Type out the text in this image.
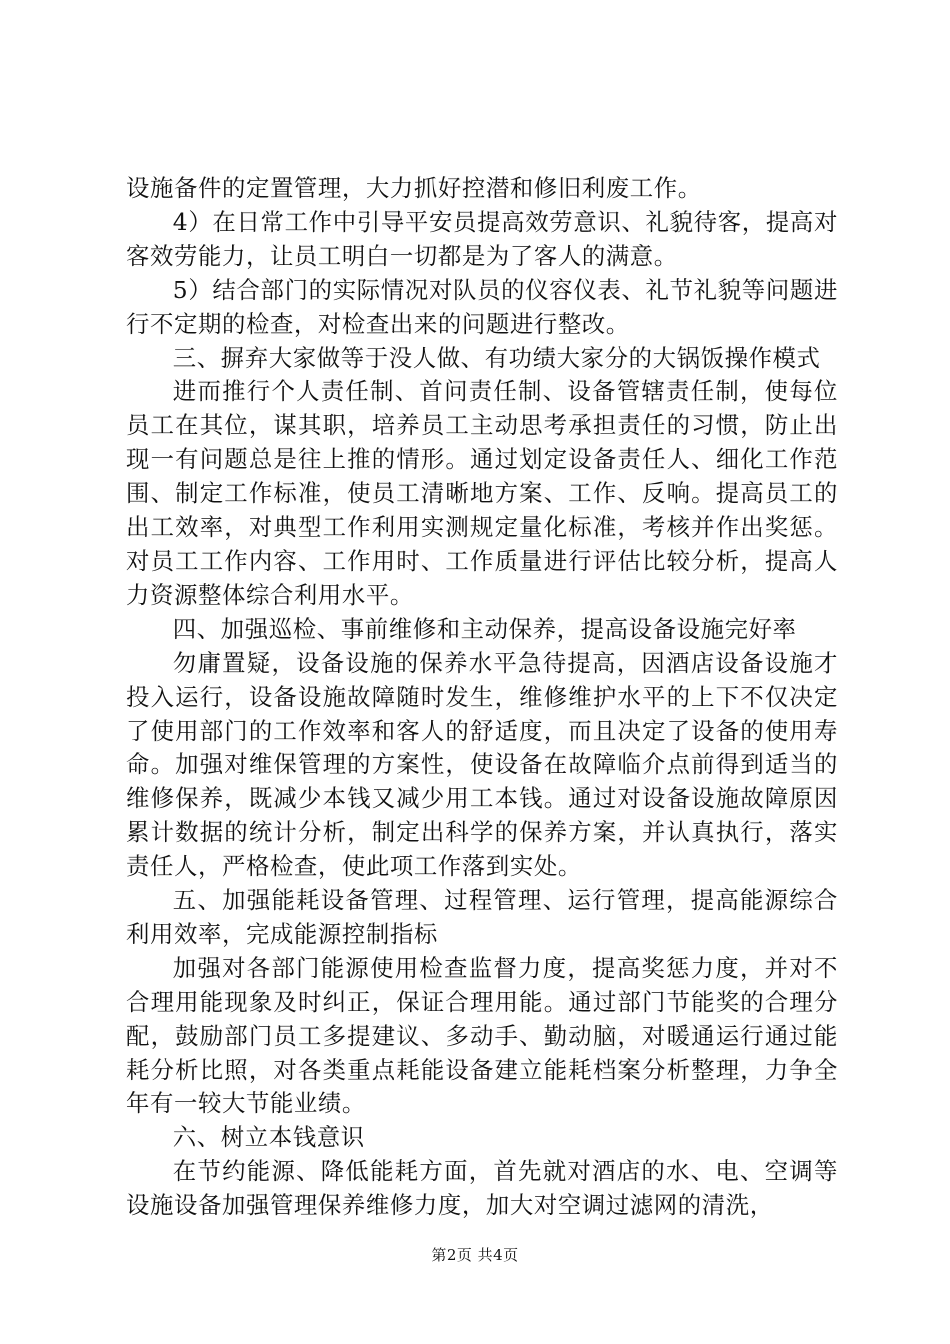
设施备件的定置管理，大力抓好控潜和修旧利废工作。

4）在日常工作中引导平安员提高效劳意识、礼貌待客，提高对客效劳能力，让员工明白一切都是为了客人的满意。

5）结合部门的实际情况对队员的仪容仪表、礼节礼貌等问题进行不定期的检查，对检查出来的问题进行整改。

三、摒弃大家做等于没人做、有功绩大家分的大锅饭操作模式

进而推行个人责任制、首问责任制、设备管辖责任制，使每位员工在其位，谋其职，培养员工主动思考承担责任的习惯，防止出现一有问题总是往上推的情形。通过划定设备责任人、细化工作范围、制定工作标准，使员工清晰地方案、工作、反响。提高员工的出工效率，对典型工作利用实测规定量化标准，考核并作出奖惩。对员工工作内容、工作用时、工作质量进行评估比较分析，提高人力资源整体综合利用水平。

四、加强巡检、事前维修和主动保养，提高设备设施完好率

勿庸置疑，设备设施的保养水平急待提高，因酒店设备设施才投入运行，设备设施故障随时发生，维修维护水平的上下不仅决定了使用部门的工作效率和客人的舒适度，而且决定了设备的使用寿命。加强对维保管理的方案性，使设备在故障临介点前得到适当的维修保养，既减少本钱又减少用工本钱。通过对设备设施故障原因累计数据的统计分析，制定出科学的保养方案，并认真执行，落实责任人，严格检查，使此项工作落到实处。

五、加强能耗设备管理、过程管理、运行管理，提高能源综合利用效率，完成能源控制指标

加强对各部门能源使用检查监督力度，提高奖惩力度，并对不合理用能现象及时纠正，保证合理用能。通过部门节能奖的合理分配，鼓励部门员工多提建议、多动手、勤动脑，对暖通运行通过能耗分析比照，对各类重点耗能设备建立能耗档案分析整理，力争全年有一较大节能业绩。

六、树立本钱意识

在节约能源、降低能耗方面，首先就对酒店的水、电、空调等设施设备加强管理保养维修力度，加大对空调过滤网的清洗，

第2页 共4页
